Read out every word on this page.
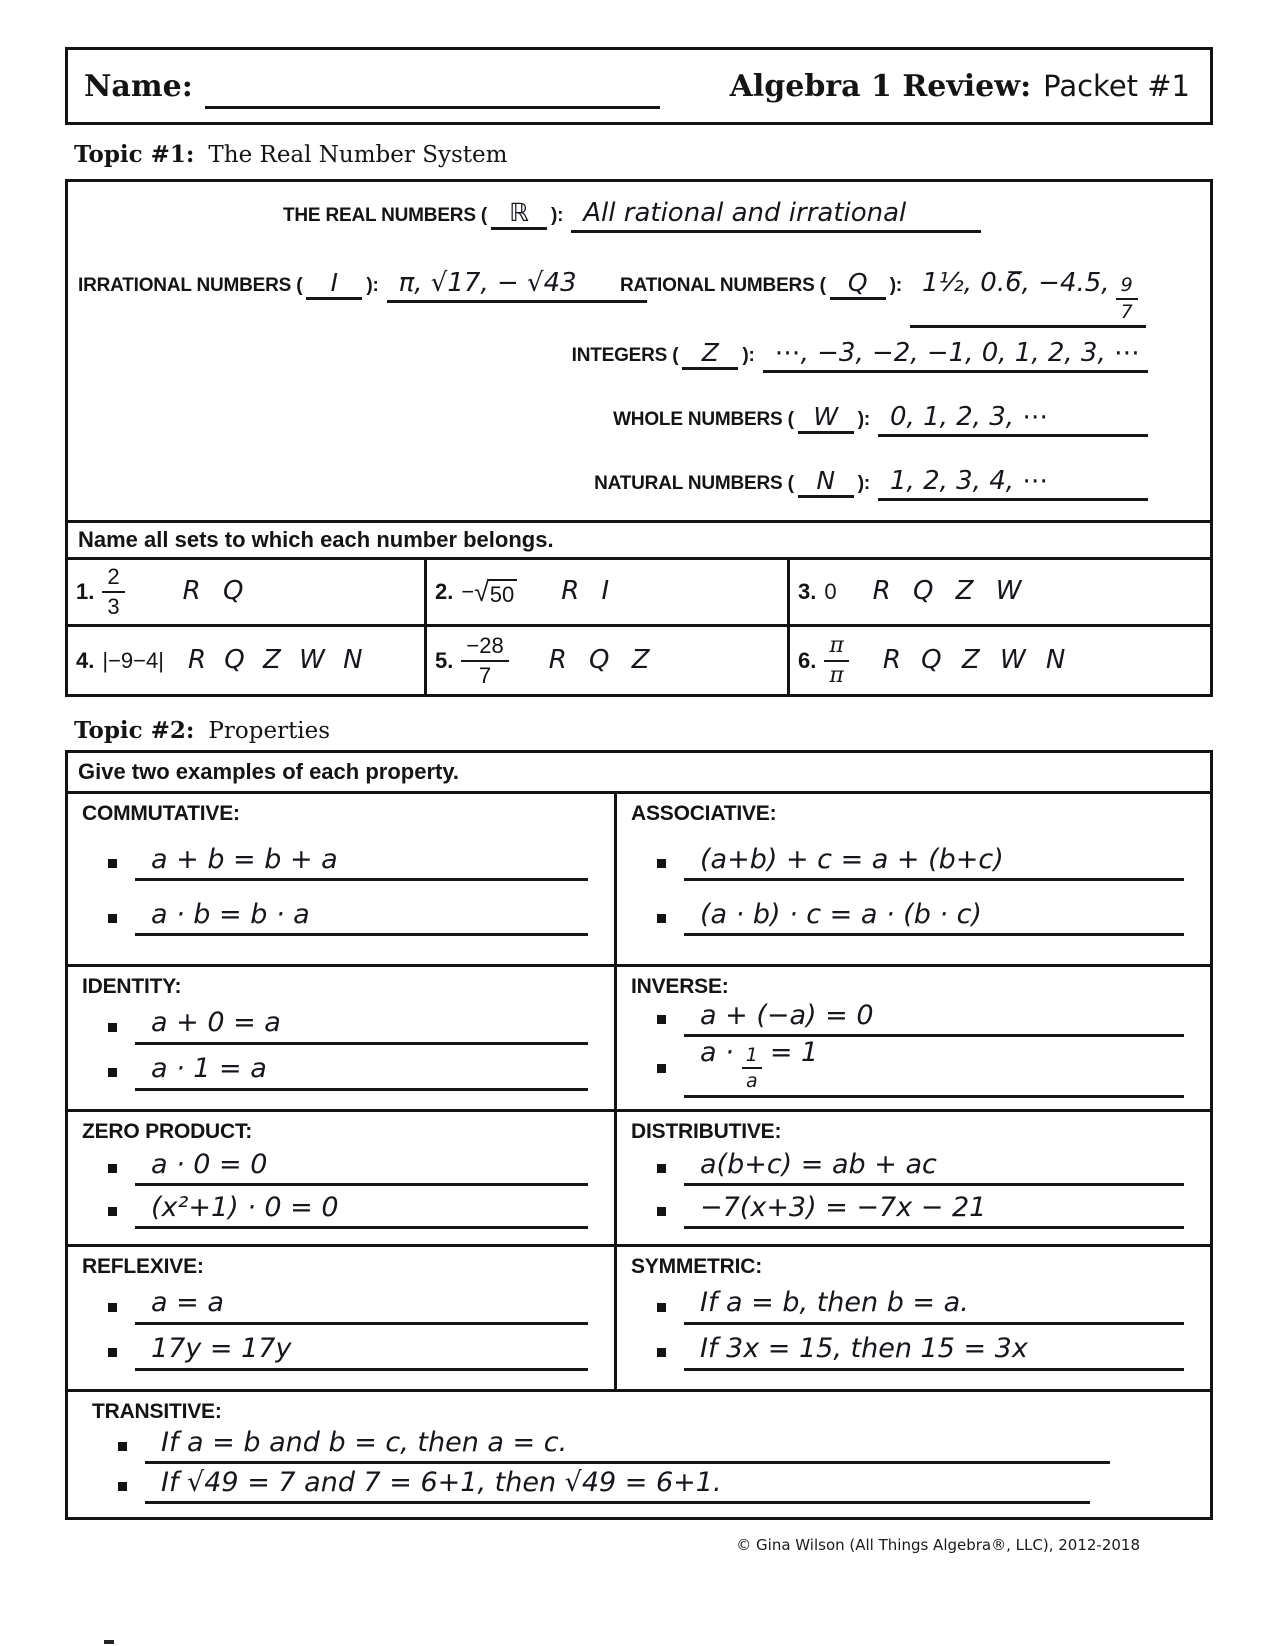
Name:	Algebra 1 Review: Packet #1
Topic #1: The Real Number System
THE REAL NUMBERS ( ℝ	): All rational and irrational
IRRATIONAL NUMBERS (	I	): π, √17, − √43 RATIONAL NUMBERS ( Q	): 1½, 0.6̅, −4.5, $\frac{9}{7}$
INTEGERS ( Z	): ⋯, −3, −2, −1, 0, 1, 2, 3, ⋯
WHOLE NUMBERS ( W	): 0, 1, 2, 3, ⋯
NATURAL NUMBERS ( N	): 1, 2, 3, 4, ⋯
Name all sets to which each number belongs.
1. $\frac{2}{3}$ R Q	2. − √ 50 R I	3. 0 R Q Z W
4. |−9−4| R Q Z W N	5. $\frac{-28}{7}$ R Q Z	6. $\frac{\pi}{\pi}$ R Q Z W N
Topic #2: Properties
Give two examples of each property.
COMMUTATIVE:
a + b = b + a
a · b = b · a
ASSOCIATIVE:
(a+b) + c = a + (b+c)
(a · b) · c = a · (b · c)
IDENTITY:
a + 0 = a
a · 1 = a
INVERSE:
a + (−a) = 0
$a \cdot \frac{1}{a} = 1$
ZERO PRODUCT:
a · 0 = 0
(x²+1) · 0 = 0
DISTRIBUTIVE:
a(b+c) = ab + ac
−7(x+3) = −7x − 21
REFLEXIVE:
a = a
17y = 17y
SYMMETRIC:
If a = b, then b = a.
If 3x = 15, then 15 = 3x
TRANSITIVE:
If a = b and b = c, then a = c.
If √49 = 7 and 7 = 6+1, then √49 = 6+1.
© Gina Wilson (All Things Algebra®, LLC), 2012-2018
